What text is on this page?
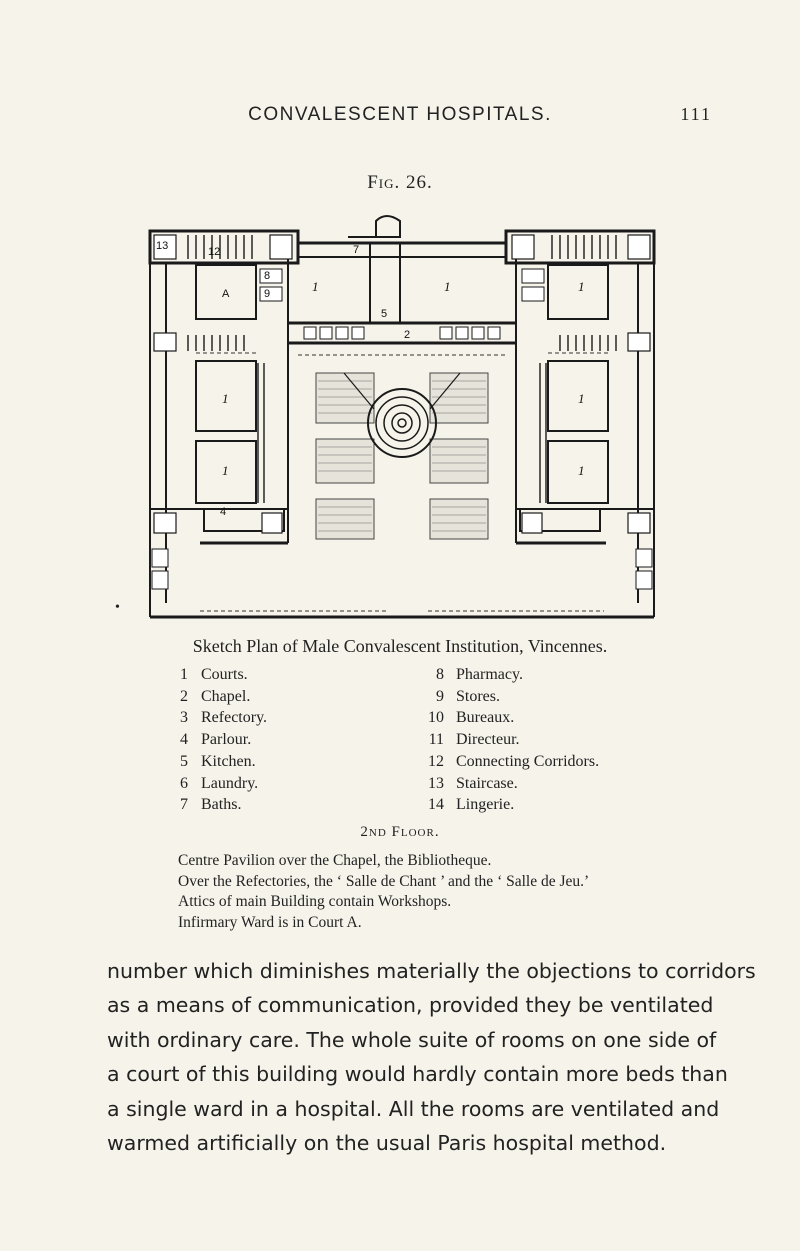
CONVALESCENT HOSPITALS.	111
Fig. 26.
A
5
7
2
8
9
4
12
13
1	1
1
1
1
1
1
•
Sketch Plan of Male Convalescent Institution, Vincennes.
1 Courts.
2 Chapel.
3 Refectory.
4 Parlour.
5 Kitchen.
6 Laundry.
7 Baths.
8 Pharmacy.
9 Stores.
10 Bureaux.
11 Directeur.
12 Connecting Corridors.
13 Staircase.
14 Lingerie.
2nd Floor.
Centre Pavilion over the Chapel, the Bibliotheque.
Over the Refectories, the ‘ Salle de Chant ’ and the ‘ Salle de Jeu.’
Attics of main Building contain Workshops.
Infirmary Ward is in Court A.
number which diminishes materially the objections to corridors
as a means of communication, provided they be ventilated
with ordinary care. The whole suite of rooms on one side of
a court of this building would hardly contain more beds than
a single ward in a hospital. All the rooms are ventilated and
warmed artificially on the usual Paris hospital method.
